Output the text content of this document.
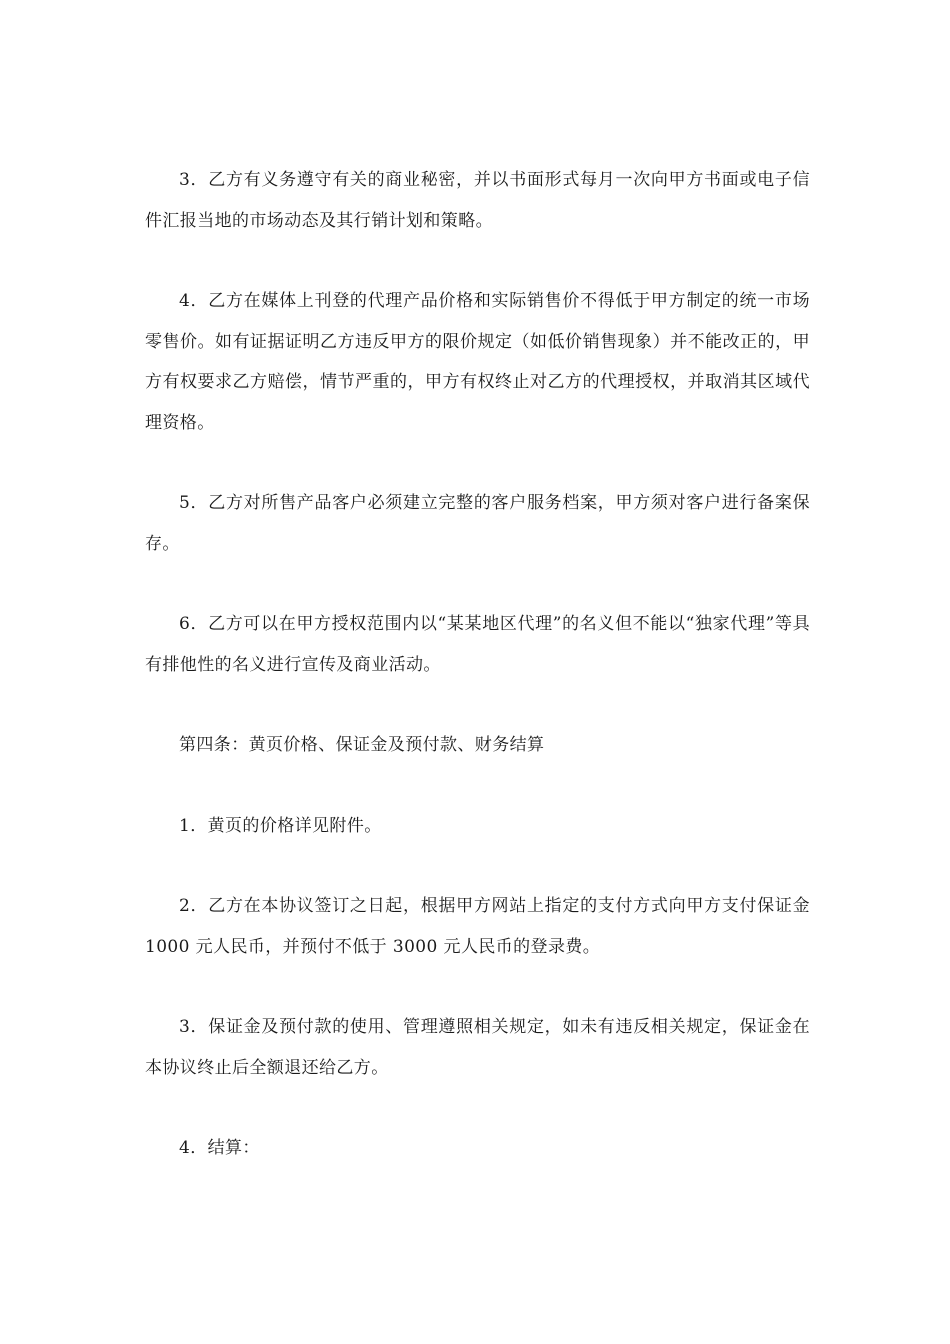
3．乙方有义务遵守有关的商业秘密，并以书面形式每月一次向甲方书面或电子信件汇报当地的市场动态及其行销计划和策略。

4．乙方在媒体上刊登的代理产品价格和实际销售价不得低于甲方制定的统一市场零售价。如有证据证明乙方违反甲方的限价规定（如低价销售现象）并不能改正的，甲方有权要求乙方赔偿，情节严重的，甲方有权终止对乙方的代理授权，并取消其区域代理资格。

5．乙方对所售产品客户必须建立完整的客户服务档案，甲方须对客户进行备案保存。

6．乙方可以在甲方授权范围内以“某某地区代理”的名义但不能以“独家代理”等具有排他性的名义进行宣传及商业活动。

第四条：黄页价格、保证金及预付款、财务结算

1．黄页的价格详见附件。

2．乙方在本协议签订之日起，根据甲方网站上指定的支付方式向甲方支付保证金 1000 元人民币，并预付不低于 3000 元人民币的登录费。

3．保证金及预付款的使用、管理遵照相关规定，如未有违反相关规定，保证金在本协议终止后全额退还给乙方。

4．结算：
